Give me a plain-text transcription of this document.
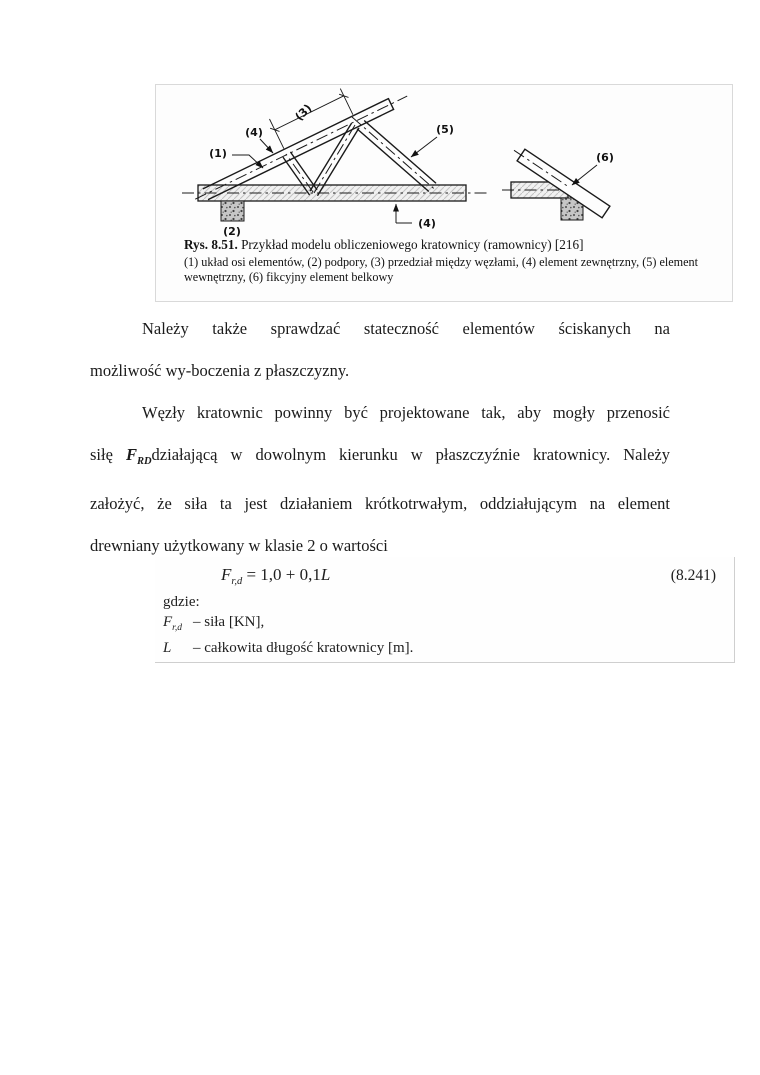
(1)
(2)
(3)
(4)
(4)
(5)
(6)
Rys. 8.51. Przykład modelu obliczeniowego kratownicy (ramownicy) [216]
(1) układ osi elementów, (2) podpory, (3) przedział między węzłami, (4) element zewnętrzny, (5) element
wewnętrzny, (6) fikcyjny element belkowy
Należy także sprawdzać stateczność elementów ściskanych na
możliwość wy-boczenia z płaszczyzny.
Węzły kratownic powinny być projektowane tak, aby mogły przenosić
siłę $F_{RD}działającą$ w dowolnym kierunku w płaszczyźnie kratownicy. Należy
założyć, że siła ta jest działaniem krótkotrwałym, oddziałującym na element
drewniany użytkowany w klasie 2 o wartości
$F_{r,d} = 1,0 + 0,1L$	(8.241)
gdzie:
$F_{r,d}$ – siła [KN],
L – całkowita długość kratownicy [m].
